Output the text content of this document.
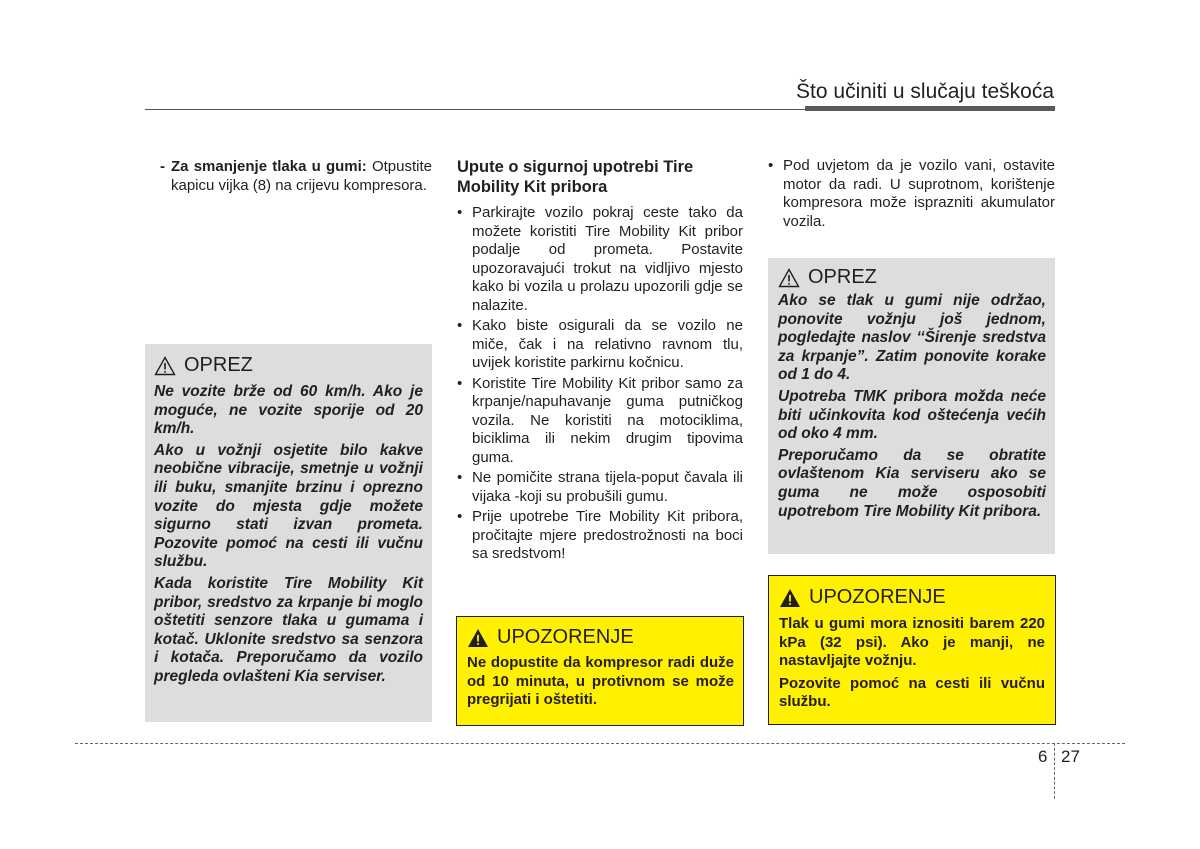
Što učiniti u slučaju teškoća
- Za smanjenje tlaka u gumi: Otpustite kapicu vijka (8) na crijevu kompresora.
OPREZ
Ne vozite brže od 60 km/h. Ako je moguće, ne vozite sporije od 20 km/h.
Ako u vožnji osjetite bilo kakve neobične vibracije, smetnje u vožnji ili buku, smanjite brzinu i oprezno vozite do mjesta gdje možete sigurno stati izvan prometa. Pozovite pomoć na cesti ili vučnu službu.
Kada koristite Tire Mobility Kit pribor, sredstvo za krpanje bi moglo oštetiti senzore tlaka u gumama i kotač. Uklonite sredstvo sa senzora i kotača. Preporučamo da vozilo pregleda ovlašteni Kia serviser.
Upute o sigurnoj upotrebi Tire Mobility Kit pribora
• Parkirajte vozilo pokraj ceste tako da možete koristiti Tire Mobility Kit pribor podalje od prometa. Postavite upozoravajući trokut na vidljivo mjesto kako bi vozila u prolazu upozorili gdje se nalazite.
• Kako biste osigurali da se vozilo ne miče, čak i na relativno ravnom tlu, uvijek koristite parkirnu kočnicu.
• Koristite Tire Mobility Kit pribor samo za krpanje/napuhavanje guma putničkog vozila. Ne koristiti na motociklima, biciklima ili nekim drugim tipovima guma.
• Ne pomičite strana tijela-poput čavala ili vijaka -koji su probušili gumu.
• Prije upotrebe Tire Mobility Kit pribora, pročitajte mjere predostrožnosti na boci sa sredstvom!
UPOZORENJE
Ne dopustite da kompresor radi duže od 10 minuta, u protivnom se može pregrijati i oštetiti.
• Pod uvjetom da je vozilo vani, ostavite motor da radi. U suprotnom, korištenje kompresora može isprazniti akumulator vozila.
OPREZ
Ako se tlak u gumi nije održao, ponovite vožnju još jednom, pogledajte naslov ‘‘Širenje sredstva za krpanje”. Zatim ponovite korake od 1 do 4.
Upotreba TMK pribora možda neće biti učinkovita kod oštećenja većih od oko 4 mm.
Preporučamo da se obratite ovlaštenom Kia serviseru ako se guma ne može osposobiti upotrebom Tire Mobility Kit pribora.
UPOZORENJE
Tlak u gumi mora iznositi barem 220 kPa (32 psi). Ako je manji, ne nastavljajte vožnju.
Pozovite pomoć na cesti ili vučnu službu.
6 27
